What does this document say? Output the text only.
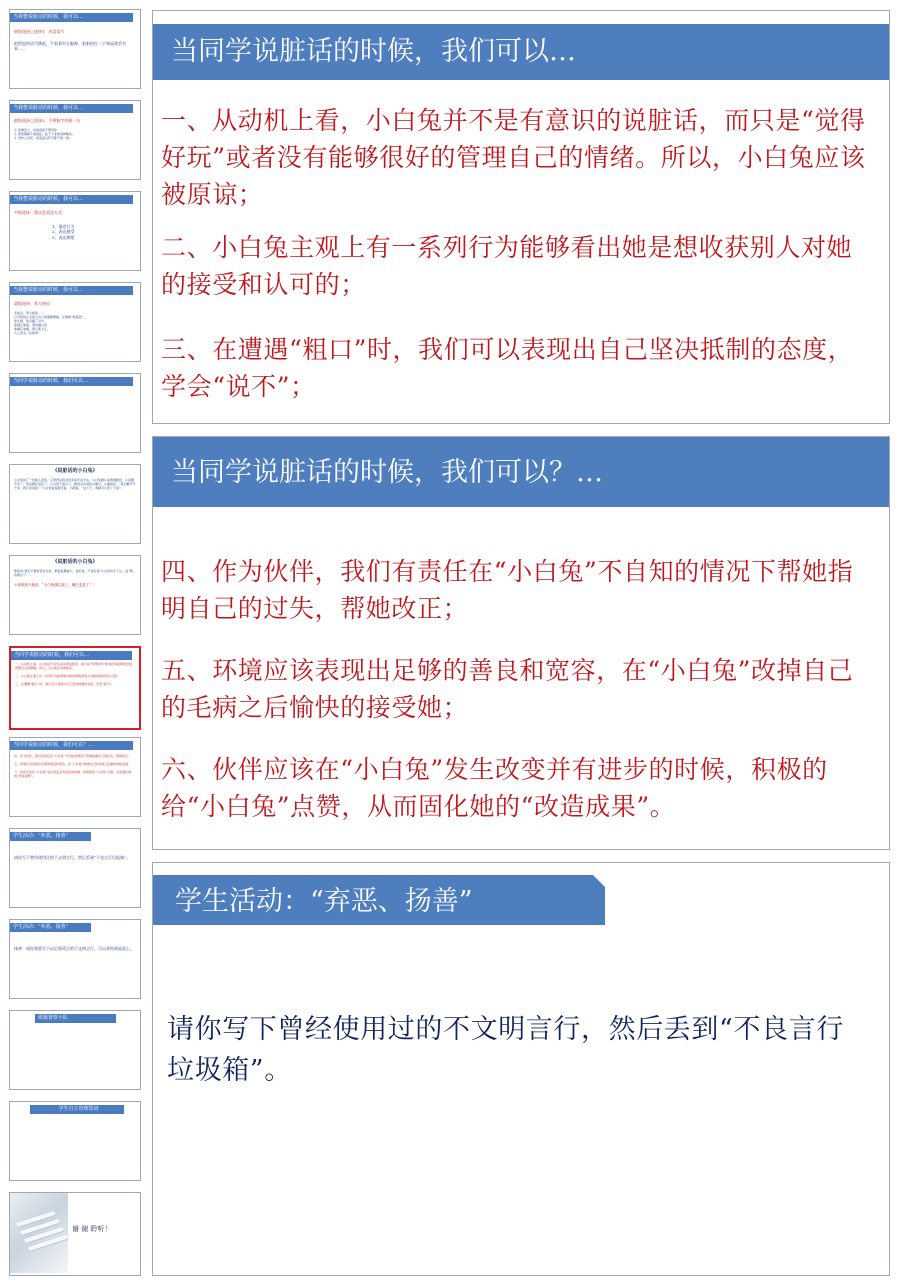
当我整说脏话的时候，我可以…
低级选择之选择1：若喜语气
把愤怒的语气降低，不看着对方眼神，狠狠的打一下课桌或丢书本……
当我整说脏话的时候，我可以…
低级选择之选择2：不带脏字的狠一句
① 我憎恶人，但我真的不想骂你
② 我的眼睛不看敌起，脸不下非的各种酸色。
③ 吾你人对话，我连耻点符号都不屑一顾。
……
当我整说脏话的时候，我可以…
中级选择：我讯息表达方式
1、描述行为
2、表达感受
3、表达期望
当我整说脏话的时候，我可以…
高级选择：养大格局
多看书，养大格局……
以平稳的心态统合自己的暴躁情绪，让情绪“软着陆”，
你压制，你忍赢了对方。
他强任他强，清风拂山岗
他横任他横，明月照大江。
九上语文《论教养》
当同学说脏话的时候，我们可以…
《说脏话的小白兔》
小白兔说了一句脏人的话，它很得意的对身旁说无法无法。小白兔跑小鼠类刷跑没，小鼠懒开去了，然后跑好活起了。小白兔不高兴了，跑进对去说的小鹿们，小鹿抬起，“我们懒开开不来，我只是说说！”小白兔说说跑还说，小跑说，“这下子，我就可以吃了大鼠”。
《说脏话的小白兔》
那把说“我们不要说话可交友，都说说要做大，说好说，不讲礼貌”小白兔似乎了认，说“哦，我明白了”……
大家都高兴地说：“小白兔懂礼貌了，嘴巴变香了！”
当同学说脏话的时候，我们可以…
一、从动机上看，小白兔并不是有意识的说脏话，而只是“觉得好玩”或者没有能够很好的管理自己的情绪。所以，小白兔应该被原谅；

二、小白兔主观上有一系列行为能够看出她是想收获别人对她的接受和认可的；

三、在遭遇“粗口”时，我们可以表现出自己坚决抵制的态度，学会“说不”；
当同学说脏话的时候，我们可以？…
四、作为伙伴，我们有责任在“小白兔”不自知的情况下帮她指明自己的过失，帮她改正；

五、环境应该表现出足够的善良和宽容，在“小白兔”改掉自己的毛病之后愉快的接受她；

六、伙伴应该在“小白兔”发生改变并有进步的时候，积极的给“小白兔”点赞，从而固化她的“改造成果”。
学生活动：“弃恶、扬善”
请你写下曾经使用过的不文明言行，然后丢到“不良言行垃圾箱”。
学生活动：“弃恶、扬善”
扬善：请你郑重写下以后要改正的不文明言行，可以张贴到桌面上。
班级督察小队
学生自主管理誓词
谢 谢 聆听！
当同学说脏话的时候，我们可以…
一、从动机上看，小白兔并不是有意识的说脏话，而只是“觉得好玩”或者没有能够很好的管理自己的情绪。所以，小白兔应该被原谅；
二、小白兔主观上有一系列行为能够看出她是想收获别人对她的接受和认可的；
三、在遭遇“粗口”时，我们可以表现出自己坚决抵制的态度，学会“说不”；
当同学说脏话的时候，我们可以？…
四、作为伙伴，我们有责任在“小白兔”不自知的情况下帮她指明自己的过失，帮她改正；
五、环境应该表现出足够的善良和宽容，在“小白兔”改掉自己的毛病之后愉快的接受她；
六、伙伴应该在“小白兔”发生改变并有进步的时候，积极的给“小白兔”点赞，从而固化她的“改造成果”。
学生活动：“弃恶、扬善”
请你写下曾经使用过的不文明言行，然后丢到“不良言行垃圾箱”。
